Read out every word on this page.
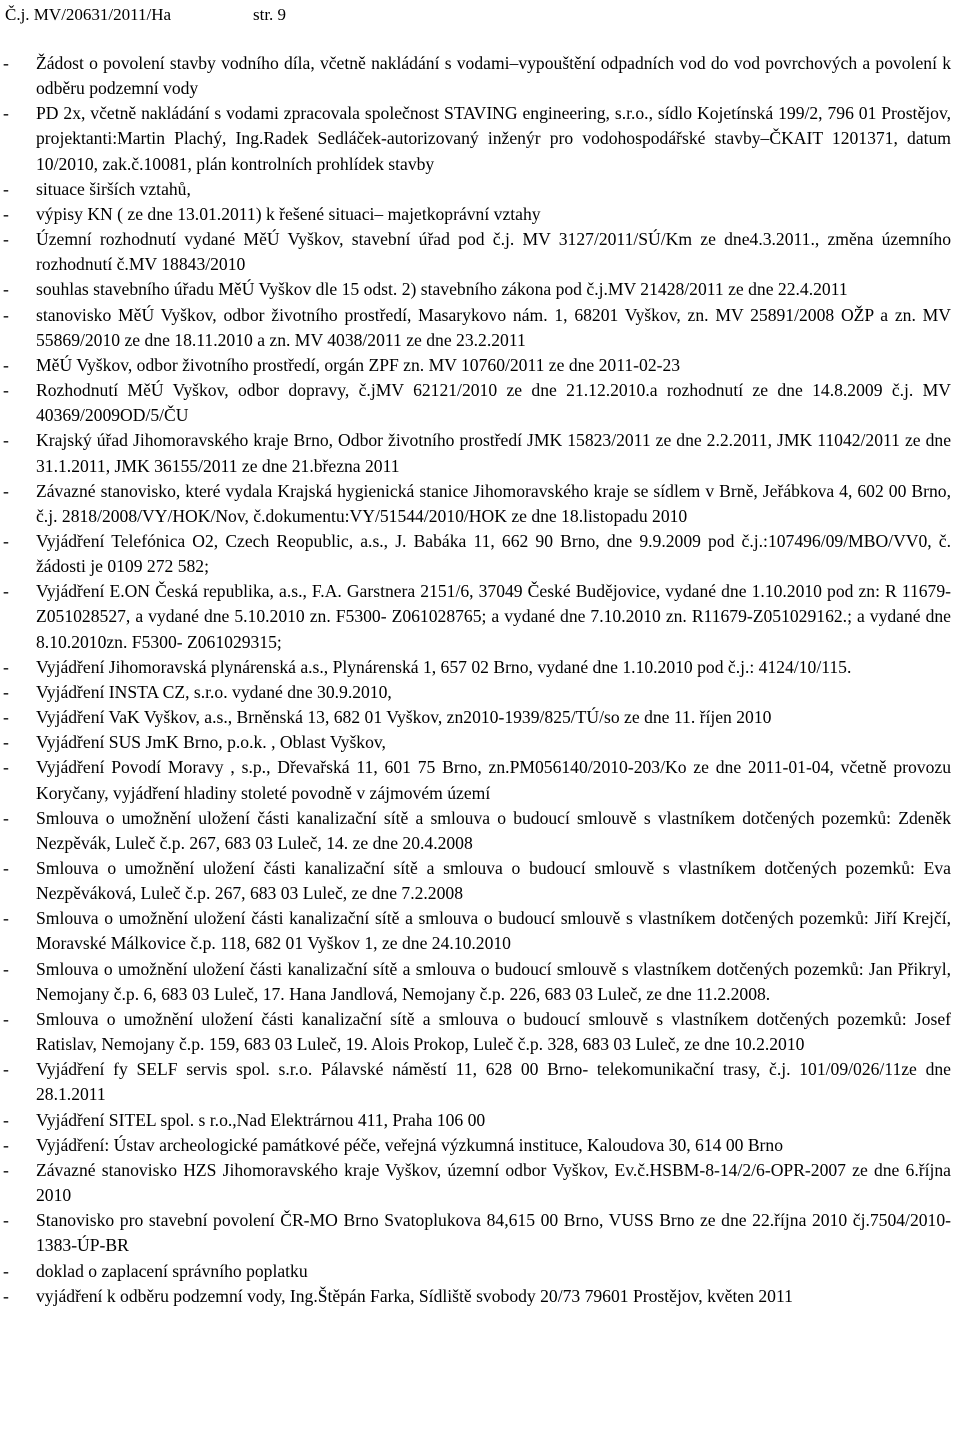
Č.j. MV/20631/2011/Ha	str. 9
- Žádost o povolení stavby vodního díla, včetně nakládání s vodami–vypouštění odpadních vod do vod povrchových a povolení k odběru podzemní vody
- PD 2x, včetně nakládání s vodami zpracovala společnost STAVING engineering, s.r.o., sídlo Kojetínská 199/2, 796 01 Prostějov, projektanti:Martin Plachý, Ing.Radek Sedláček-autorizovaný inženýr pro vodohospodářské stavby–ČKAIT 1201371, datum 10/2010, zak.č.10081, plán kontrolních prohlídek stavby
- situace širších vztahů,
- výpisy KN ( ze dne 13.01.2011) k řešené situaci– majetkoprávní vztahy
- Územní rozhodnutí vydané MěÚ Vyškov, stavební úřad pod č.j. MV 3127/2011/SÚ/Km ze dne4.3.2011., změna územního rozhodnutí č.MV 18843/2010
- souhlas stavebního úřadu MěÚ Vyškov dle 15 odst. 2) stavebního zákona pod č.j.MV 21428/2011 ze dne 22.4.2011
- stanovisko MěÚ Vyškov, odbor životního prostředí, Masarykovo nám. 1, 68201 Vyškov, zn. MV 25891/2008 OŽP a zn. MV 55869/2010 ze dne 18.11.2010 a zn. MV 4038/2011 ze dne 23.2.2011
- MěÚ Vyškov, odbor životního prostředí, orgán ZPF zn. MV 10760/2011 ze dne 2011-02-23
- Rozhodnutí MěÚ Vyškov, odbor dopravy, č.jMV 62121/2010 ze dne 21.12.2010.a rozhodnutí ze dne 14.8.2009 č.j. MV 40369/2009OD/5/ČU
- Krajský úřad Jihomoravského kraje Brno, Odbor životního prostředí JMK 15823/2011 ze dne 2.2.2011, JMK 11042/2011 ze dne 31.1.2011, JMK 36155/2011 ze dne 21.března 2011
- Závazné stanovisko, které vydala Krajská hygienická stanice Jihomoravského kraje se sídlem v Brně, Jeřábkova 4, 602 00 Brno, č.j. 2818/2008/VY/HOK/Nov, č.dokumentu:VY/51544/2010/HOK ze dne 18.listopadu 2010
- Vyjádření Telefónica O2, Czech Reopublic, a.s., J. Babáka 11, 662 90 Brno, dne 9.9.2009 pod č.j.:107496/09/MBO/VV0, č. žádosti je 0109 272 582;
- Vyjádření E.ON Česká republika, a.s., F.A. Garstnera 2151/6, 37049 České Budějovice, vydané dne 1.10.2010 pod zn: R 11679-Z051028527, a vydané dne 5.10.2010 zn. F5300- Z061028765; a vydané dne 7.10.2010 zn. R11679-Z051029162.; a vydané dne 8.10.2010zn. F5300- Z061029315;
- Vyjádření Jihomoravská plynárenská a.s., Plynárenská 1, 657 02 Brno, vydané dne 1.10.2010 pod č.j.: 4124/10/115.
- Vyjádření INSTA CZ, s.r.o. vydané dne 30.9.2010,
- Vyjádření VaK Vyškov, a.s., Brněnská 13, 682 01 Vyškov, zn2010-1939/825/TÚ/so ze dne 11. říjen 2010
- Vyjádření SUS JmK Brno, p.o.k. , Oblast Vyškov,
- Vyjádření Povodí Moravy , s.p., Dřevařská 11, 601 75 Brno, zn.PM056140/2010-203/Ko ze dne 2011-01-04, včetně provozu Koryčany, vyjádření hladiny stoleté povodně v zájmovém území
- Smlouva o umožnění uložení části kanalizační sítě a smlouva o budoucí smlouvě s vlastníkem dotčených pozemků: Zdeněk Nezpěvák, Luleč č.p. 267, 683 03 Luleč, 14. ze dne 20.4.2008
- Smlouva o umožnění uložení části kanalizační sítě a smlouva o budoucí smlouvě s vlastníkem dotčených pozemků: Eva Nezpěváková, Luleč č.p. 267, 683 03 Luleč, ze dne 7.2.2008
- Smlouva o umožnění uložení části kanalizační sítě a smlouva o budoucí smlouvě s vlastníkem dotčených pozemků: Jiří Krejčí, Moravské Málkovice č.p. 118, 682 01 Vyškov 1, ze dne 24.10.2010
- Smlouva o umožnění uložení části kanalizační sítě a smlouva o budoucí smlouvě s vlastníkem dotčených pozemků: Jan Přikryl, Nemojany č.p. 6, 683 03 Luleč, 17. Hana Jandlová, Nemojany č.p. 226, 683 03 Luleč, ze dne 11.2.2008.
- Smlouva o umožnění uložení části kanalizační sítě a smlouva o budoucí smlouvě s vlastníkem dotčených pozemků: Josef Ratislav, Nemojany č.p. 159, 683 03 Luleč, 19. Alois Prokop, Luleč č.p. 328, 683 03 Luleč, ze dne 10.2.2010
- Vyjádření fy SELF servis spol. s.r.o. Pálavské náměstí 11, 628 00 Brno- telekomunikační trasy, č.j. 101/09/026/11ze dne 28.1.2011
- Vyjádření SITEL spol. s r.o.,Nad Elektrárnou 411, Praha 106 00
- Vyjádření: Ústav archeologické památkové péče, veřejná výzkumná instituce, Kaloudova 30, 614 00 Brno
- Závazné stanovisko HZS Jihomoravského kraje Vyškov, územní odbor Vyškov, Ev.č.HSBM-8-14/2/6-OPR-2007 ze dne 6.října 2010
- Stanovisko pro stavební povolení ČR-MO Brno Svatoplukova 84,615 00 Brno, VUSS Brno ze dne 22.října 2010 čj.7504/2010-1383-ÚP-BR
- doklad o zaplacení správního poplatku
- vyjádření k odběru podzemní vody, Ing.Štěpán Farka, Sídliště svobody 20/73 79601 Prostějov, květen 2011
